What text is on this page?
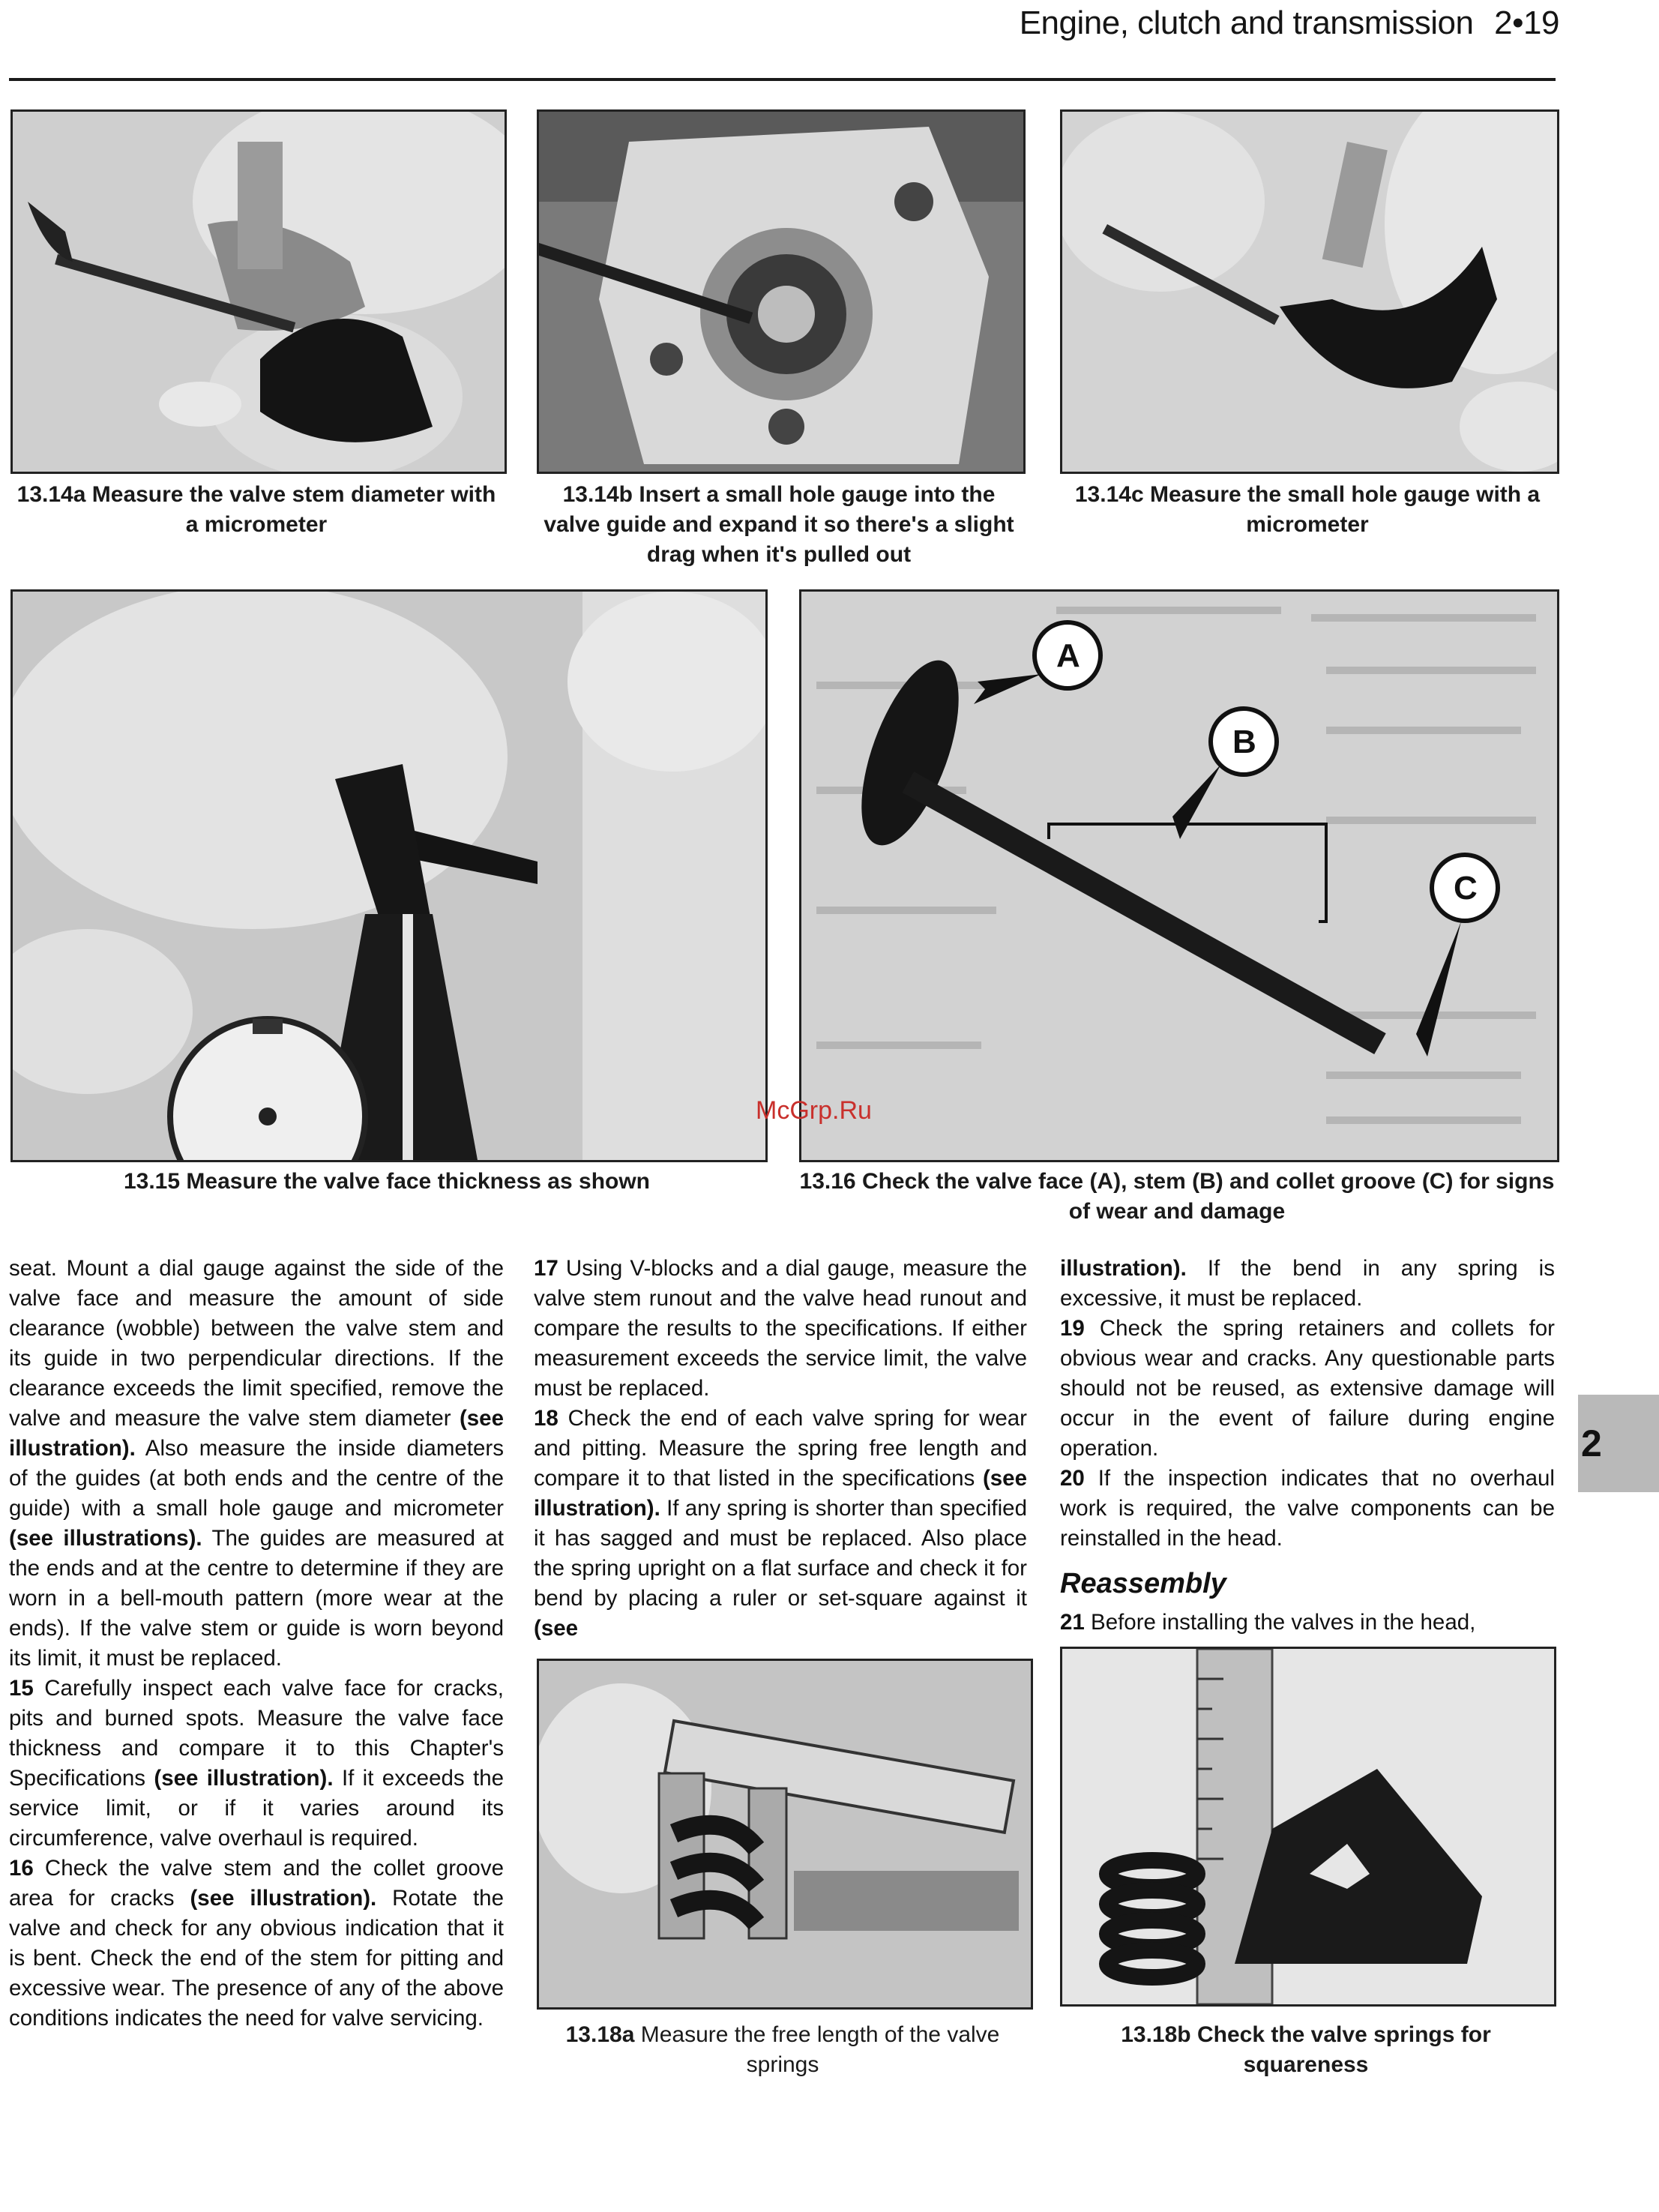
Engine, clutch and transmission 2•19
13.14a Measure the valve stem diameter with a micrometer
13.14b Insert a small hole gauge into the valve guide and expand it so there's a slight drag when it's pulled out
13.14c Measure the small hole gauge with a micrometer
13.15 Measure the valve face thickness as shown
A
B
C
13.16 Check the valve face (A), stem (B) and collet groove (C) for signs of wear and damage
McGrp.Ru

seat. Mount a dial gauge against the side of the valve face and measure the amount of side clearance (wobble) between the valve stem and its guide in two perpendicular directions. If the clearance exceeds the limit specified, remove the valve and measure the valve stem diameter (see illustration). Also measure the inside diameters of the guides (at both ends and the centre of the guide) with a small hole gauge and micrometer (see illustrations). The guides are measured at the ends and at the centre to determine if they are worn in a bell-mouth pattern (more wear at the ends). If the valve stem or guide is worn beyond its limit, it must be replaced.

15 Carefully inspect each valve face for cracks, pits and burned spots. Measure the valve face thickness and compare it to this Chapter's Specifications (see illustration). If it exceeds the service limit, or if it varies around its circumference, valve overhaul is required.

16 Check the valve stem and the collet groove area for cracks (see illustration). Rotate the valve and check for any obvious indication that it is bent. Check the end of the stem for pitting and excessive wear. The presence of any of the above conditions indicates the need for valve servicing.

17 Using V-blocks and a dial gauge, measure the valve stem runout and the valve head runout and compare the results to the specifications. If either measurement exceeds the service limit, the valve must be replaced.

18 Check the end of each valve spring for wear and pitting. Measure the spring free length and compare it to that listed in the specifications (see illustration). If any spring is shorter than specified it has sagged and must be replaced. Also place the spring upright on a flat surface and check it for bend by placing a ruler or set-square against it (see

13.18a Measure the free length of the valve springs

illustration). If the bend in any spring is excessive, it must be replaced.

19 Check the spring retainers and collets for obvious wear and cracks. Any questionable parts should not be reused, as extensive damage will occur in the event of failure during engine operation.

20 If the inspection indicates that no overhaul work is required, the valve components can be reinstalled in the head.

Reassembly

21 Before installing the valves in the head,

13.18b Check the valve springs for squareness
2
